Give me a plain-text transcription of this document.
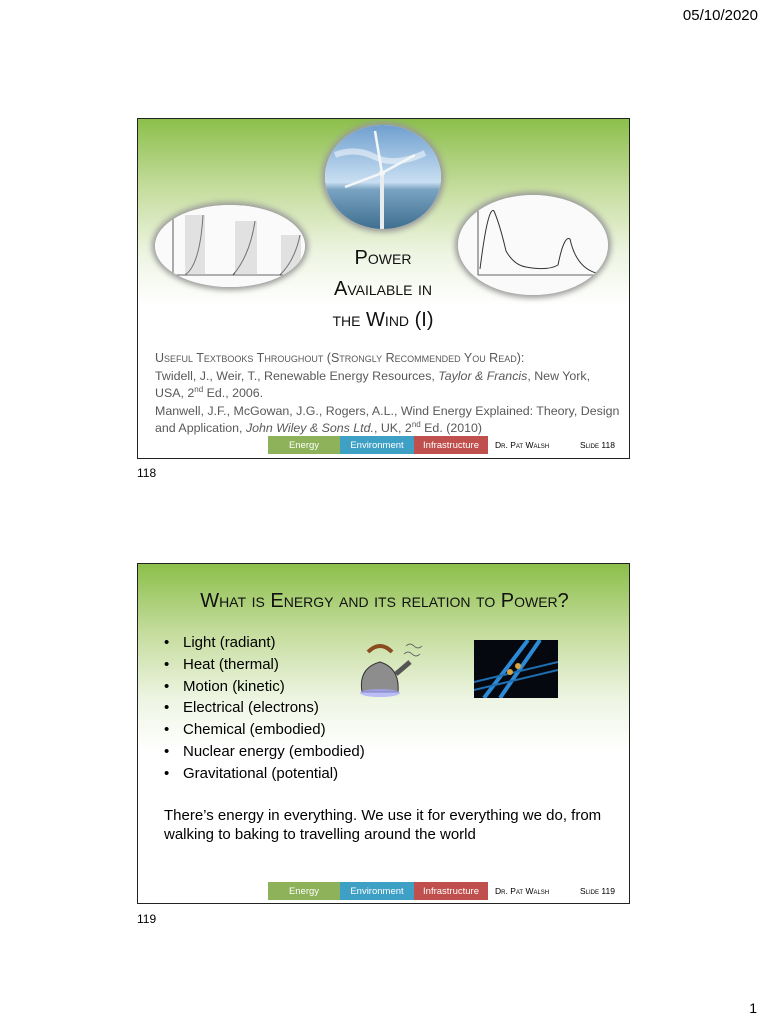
05/10/2020
Power
Available in
the Wind (I)
Useful Textbooks Throughout (Strongly Recommended You Read):

Twidell, J., Weir, T., Renewable Energy Resources, Taylor & Francis, New York, USA, 2nd Ed., 2006.

Manwell, J.F., McGowan, J.G., Rogers, A.L., Wind Energy Explained: Theory, Design and Application, John Wiley & Sons Ltd., UK, 2nd Ed. (2010)

Energy	Environment	Infrastructure	Dr. Pat Walsh	Slide 118
118
What is Energy and its relation to Power?
• Light (radiant)
• Heat (thermal)
• Motion (kinetic)
• Electrical (electrons)
• Chemical (embodied)
• Nuclear energy (embodied)
• Gravitational (potential)
There’s energy in everything. We use it for everything we do, from walking to baking to travelling around the world
Energy	Environment	Infrastructure	Dr. Pat Walsh	Slide 119
119
1
